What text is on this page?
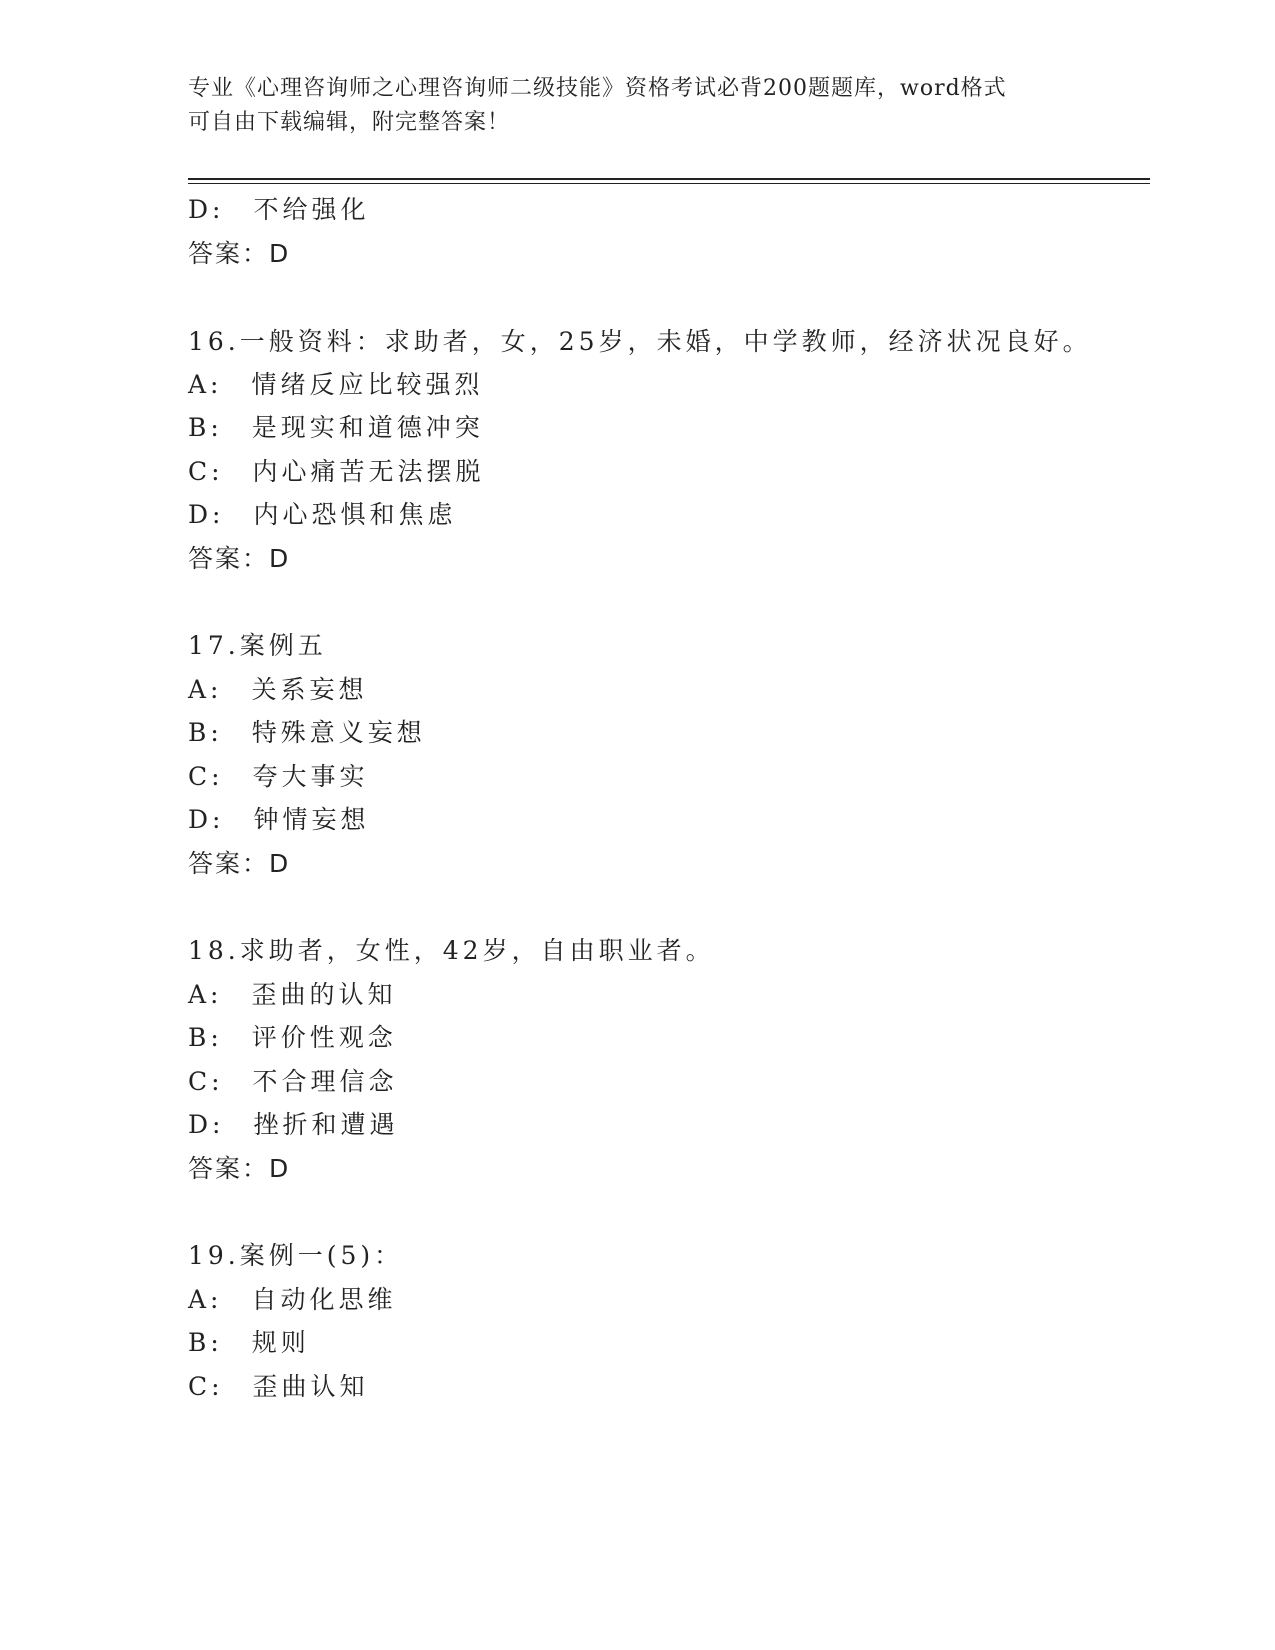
专业《心理咨询师之心理咨询师二级技能》资格考试必背200题题库，word格式
可自由下载编辑，附完整答案！
D:　不给强化
答案：D
16.一般资料：求助者，女，25岁，未婚，中学教师，经济状况良好。
A:　情绪反应比较强烈
B:　是现实和道德冲突
C:　内心痛苦无法摆脱
D:　内心恐惧和焦虑
答案：D
17.案例五
A:　关系妄想
B:　特殊意义妄想
C:　夸大事实
D:　钟情妄想
答案：D
18.求助者，女性，42岁，自由职业者。
A:　歪曲的认知
B:　评价性观念
C:　不合理信念
D:　挫折和遭遇
答案：D
19.案例一(5)：
A:　自动化思维
B:　规则
C:　歪曲认知
